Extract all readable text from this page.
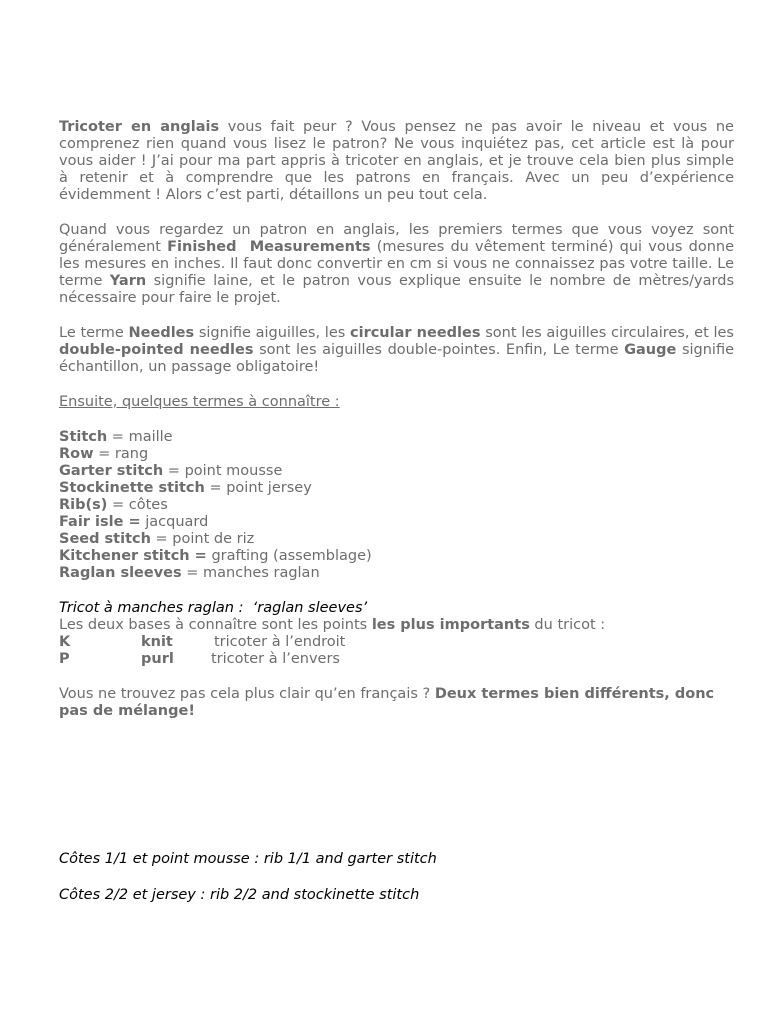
Tricoter en anglais vous fait peur ? Vous pensez ne pas avoir le niveau et vous ne comprenez rien quand vous lisez le patron? Ne vous inquiétez pas, cet article est là pour vous aider ! J’ai pour ma part appris à tricoter en anglais, et je trouve cela bien plus simple à retenir et à comprendre que les patrons en français. Avec un peu d’expérience évidemment ! Alors c’est parti, détaillons un peu tout cela.

Quand vous regardez un patron en anglais, les premiers termes que vous voyez sont généralement Finished  Measurements (mesures du vêtement terminé) qui vous donne les mesures en inches. Il faut donc convertir en cm si vous ne connaissez pas votre taille. Le terme Yarn signifie laine, et le patron vous explique ensuite le nombre de mètres/yards nécessaire pour faire le projet.

Le terme Needles signifie aiguilles, les circular needles sont les aiguilles circulaires, et les double-pointed needles sont les aiguilles double-pointes. Enfin, Le terme Gauge signifie échantillon, un passage obligatoire!

Ensuite, quelques termes à connaître :

Stitch = maille

Row = rang

Garter stitch = point mousse

Stockinette stitch = point jersey

Rib(s) = côtes

Fair isle = jacquard

Seed stitch = point de riz

Kitchener stitch = grafting (assemblage)

Raglan sleeves = manches raglan

Tricot à manches raglan :  ‘raglan sleeves’

Les deux bases à connaître sont les points les plus importants du tricot :

K	knit	tricoter à l’endroit
P	purl	tricoter à l’envers

Vous ne trouvez pas cela plus clair qu’en français ? Deux termes bien différents, donc pas de mélange!

Côtes 1/1 et point mousse : rib 1/1 and garter stitch

Côtes 2/2 et jersey : rib 2/2 and stockinette stitch
